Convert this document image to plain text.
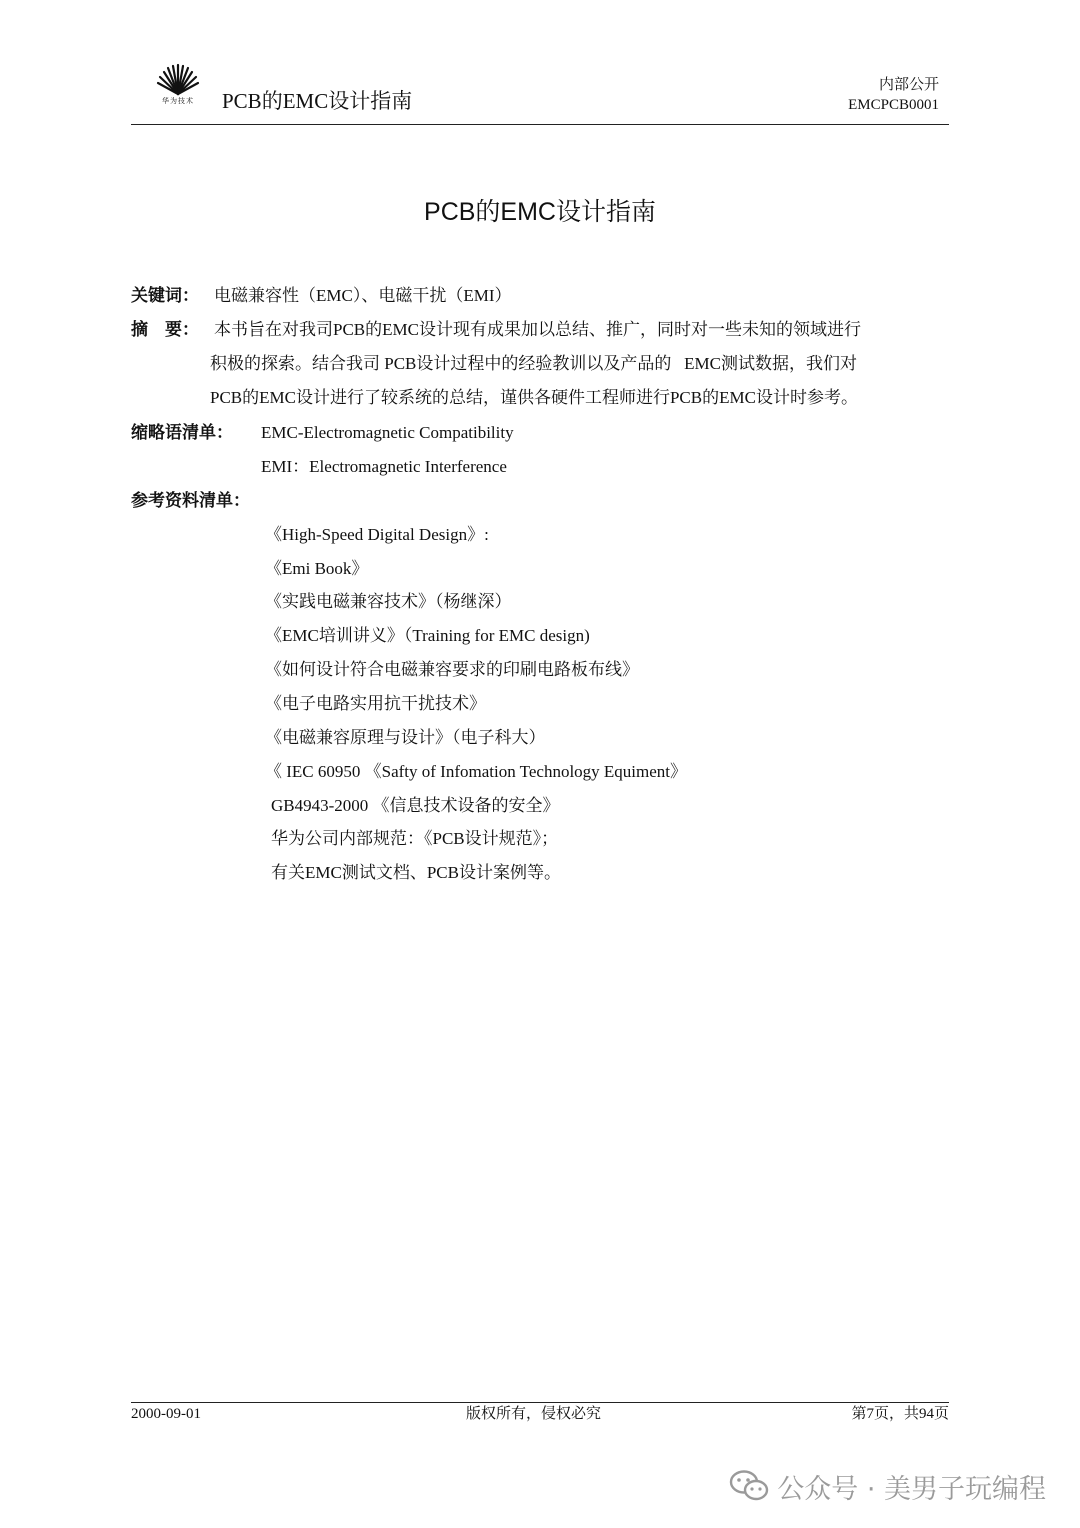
华为技术	PCB的EMC设计指南
内部公开
EMCPCB0001
PCB的EMC设计指南
关键词： 电磁兼容性（EMC）、电磁干扰（EMI）
摘    要： 本书旨在对我司PCB的EMC设计现有成果加以总结、推广，同时对一些未知的领域进行
积极的探索。结合我司 PCB设计过程中的经验教训以及产品的   EMC测试数据，我们对
PCB的EMC设计进行了较系统的总结，谨供各硬件工程师进行PCB的EMC设计时参考。
缩略语清单： EMC-Electromagnetic Compatibility
EMI：Electromagnetic Interference
参考资料清单：
《High-Speed Digital Design》:
《Emi Book》
《实践电磁兼容技术》（杨继深）
《EMC培训讲义》（Training for EMC design)
《如何设计符合电磁兼容要求的印刷电路板布线》
《电子电路实用抗干扰技术》
《电磁兼容原理与设计》（电子科大）
《 IEC 60950 《Safty of Infomation Technology Equiment》
GB4943-2000 《信息技术设备的安全》
华为公司内部规范：《PCB设计规范》；
有关EMC测试文档、PCB设计案例等。
2000-09-01	版权所有，侵权必究	第7页，共94页
公众号 · 美男子玩编程
